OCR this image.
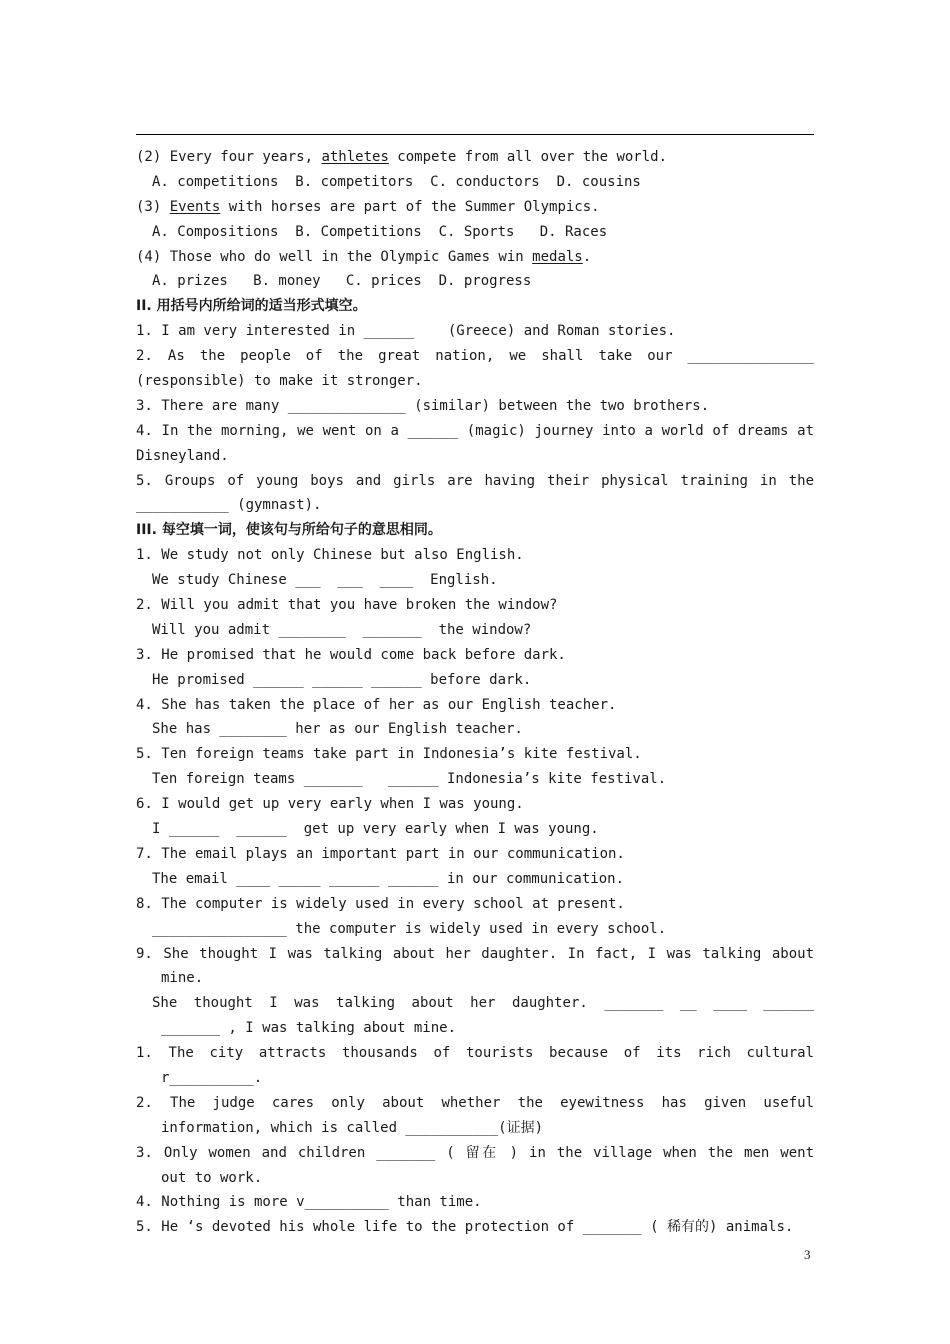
(2) Every four years, athletes compete from all over the world.
A. competitions  B. competitors  C. conductors  D. cousins
(3) Events with horses are part of the Summer Olympics.
A. Compositions  B. Competitions  C. Sports   D. Races
(4) Those who do well in the Olympic Games win medals.
A. prizes   B. money   C. prices  D. progress
II. 用括号内所给词的适当形式填空。
1. I am very interested in ______    (Greece) and Roman stories.
2. As the people of the great nation, we shall take our _______________
(responsible) to make it stronger.
3. There are many ______________ (similar) between the two brothers.
4. In the morning, we went on a ______ (magic) journey into a world of dreams at
Disneyland.
5. Groups of young boys and girls are having their physical training in the
___________ (gymnast).
III. 每空填一词，使该句与所给句子的意思相同。
1. We study not only Chinese but also English.
We study Chinese ___  ___  ____  English.
2. Will you admit that you have broken the window?
Will you admit ________  _______  the window?
3. He promised that he would come back before dark.
He promised ______ ______ ______ before dark.
4. She has taken the place of her as our English teacher.
She has ________ her as our English teacher.
5. Ten foreign teams take part in Indonesia’s kite festival.
Ten foreign teams _______   ______ Indonesia’s kite festival.
6. I would get up very early when I was young.
I ______  ______  get up very early when I was young.
7. The email plays an important part in our communication.
The email ____ _____ ______ ______ in our communication.
8. The computer is widely used in every school at present.
________________ the computer is widely used in every school.
9. She thought I was talking about her daughter. In fact, I was talking about
mine.
She thought I was talking about her daughter. _______ __ ____ ______
_______ , I was talking about mine.
1. The city attracts thousands of tourists because of its rich cultural
r__________.
2. The judge cares only about whether the eyewitness has given useful
information, which is called ___________(证据)
3. Only women and children _______ ( 留在 ) in the village when the men went
out to work.
4. Nothing is more v__________ than time.
5. He ‘s devoted his whole life to the protection of _______ ( 稀有的) animals.
3
